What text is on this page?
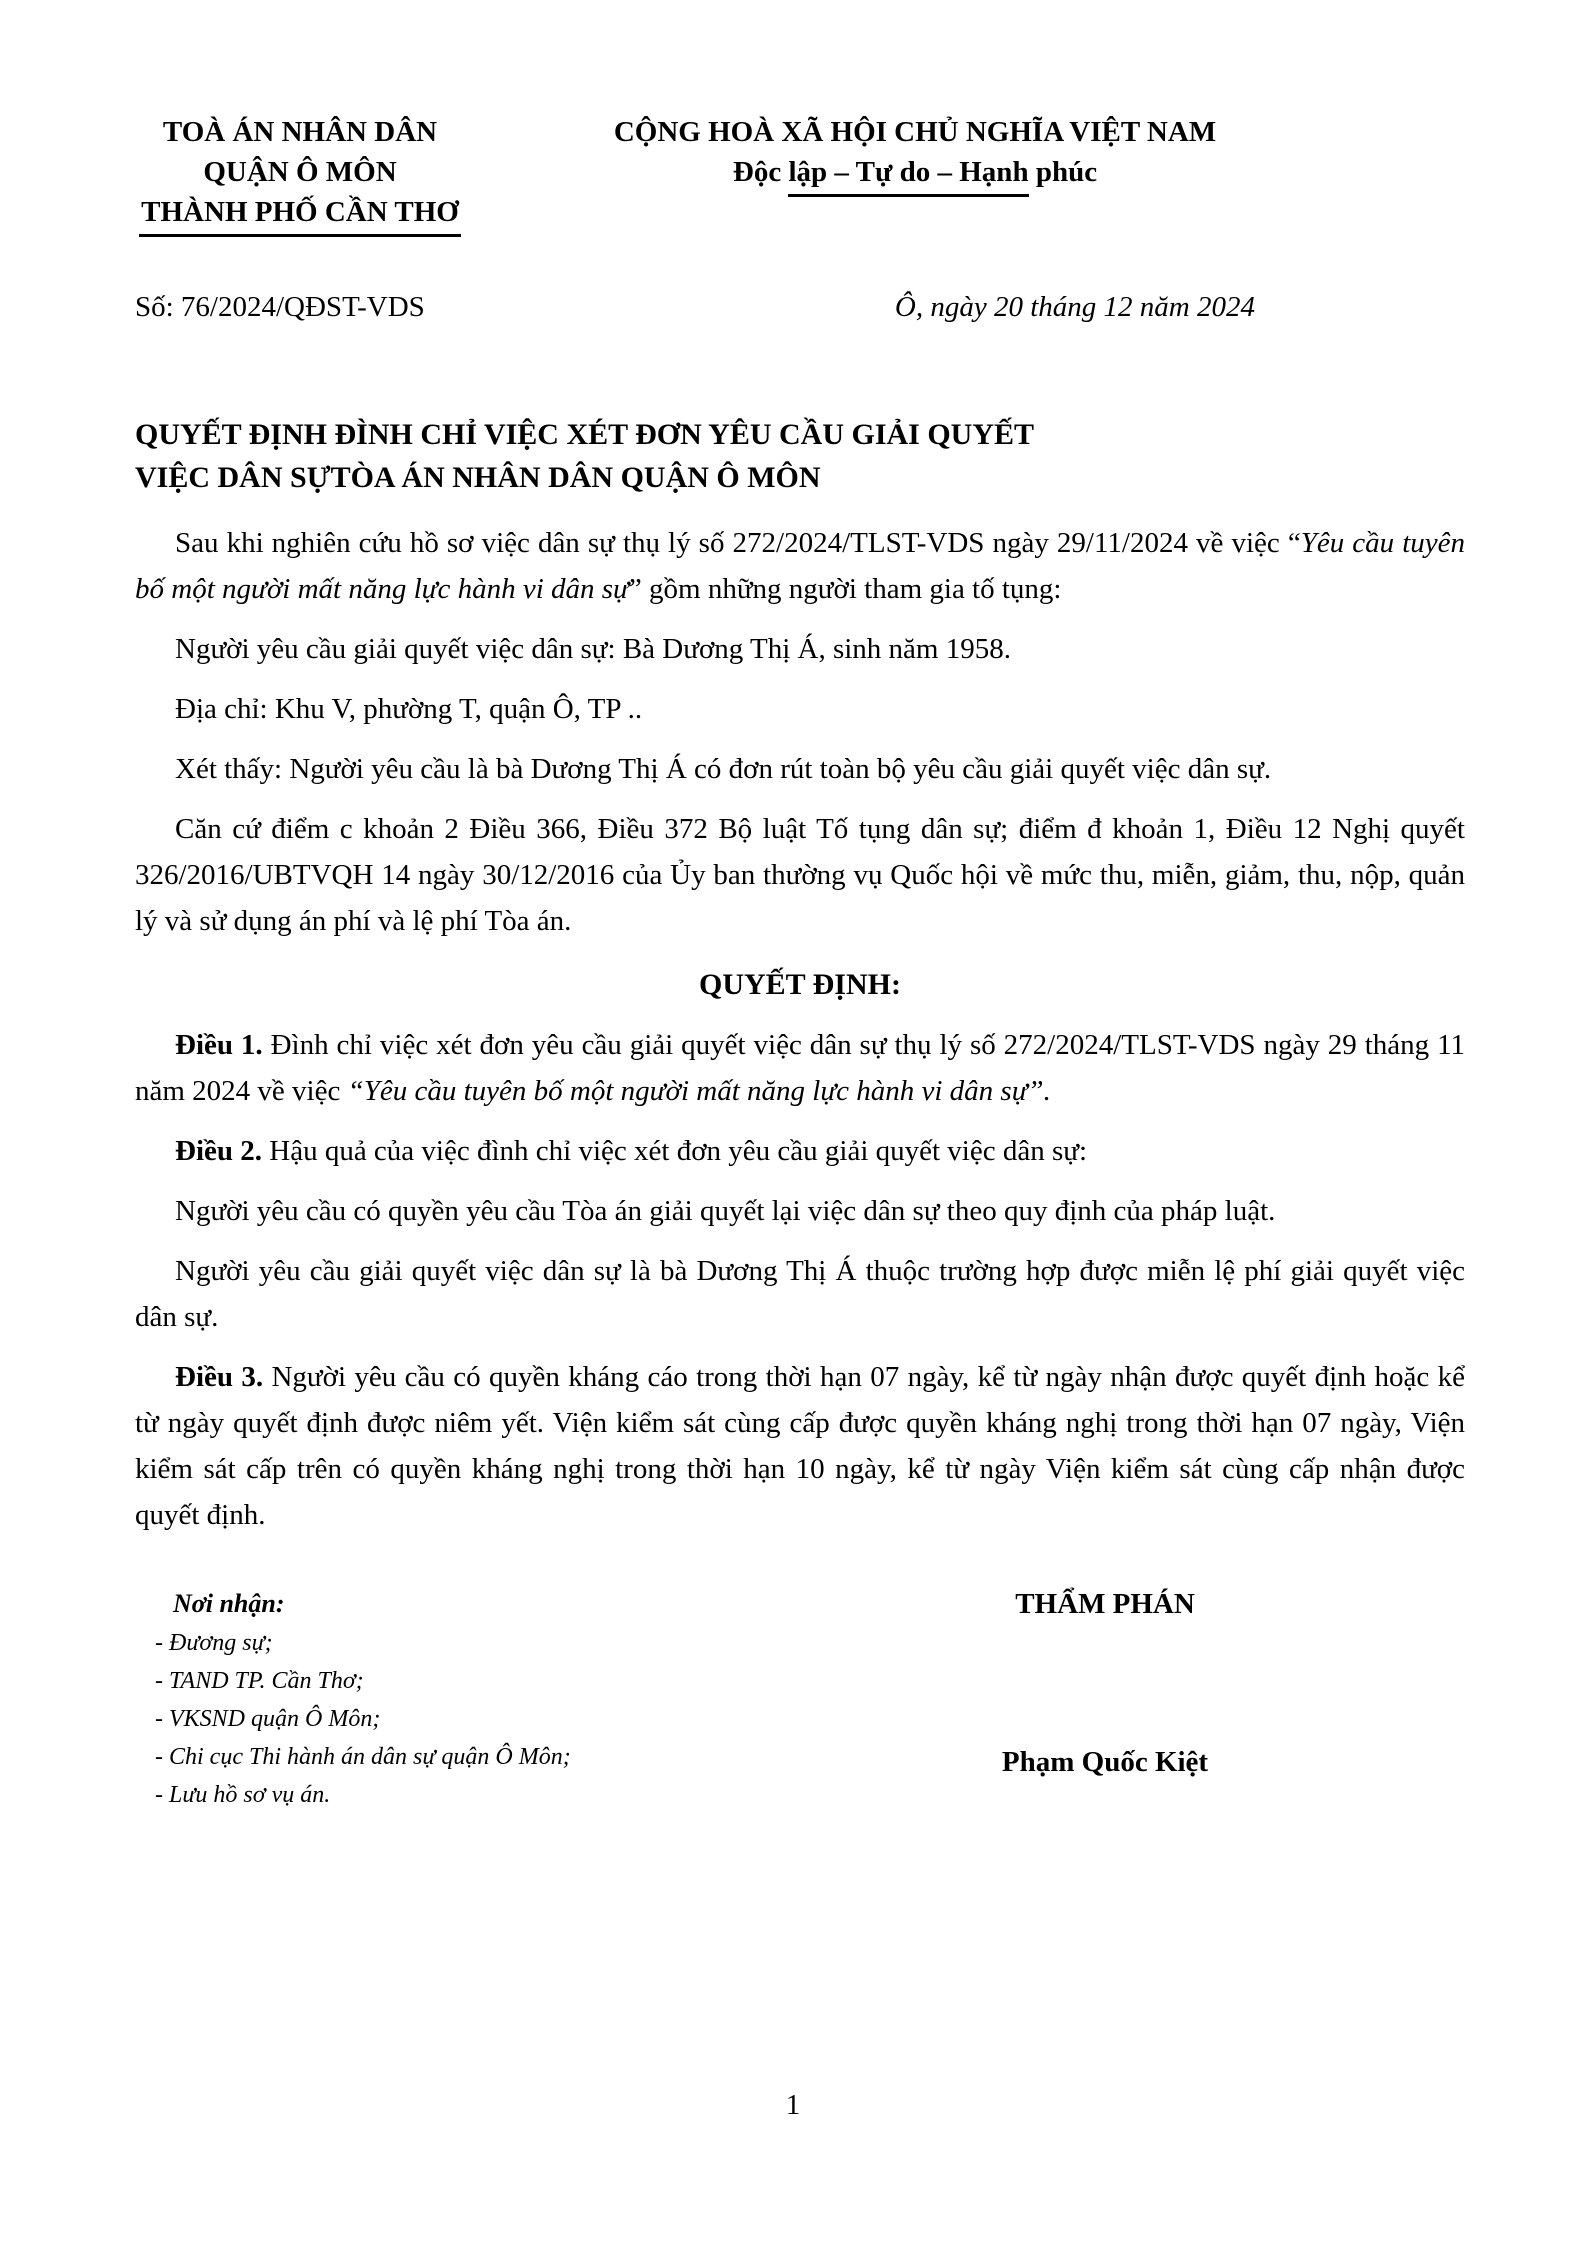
TOÀ ÁN NHÂN DÂN
QUẬN Ô MÔN
THÀNH PHỐ CẦN THƠ
CỘNG HOÀ XÃ HỘI CHỦ NGHĨA VIỆT NAM
Độc lập – Tự do – Hạnh phúc
Số: 76/2024/QĐST-VDS	Ô, ngày 20 tháng 12 năm 2024
QUYẾT ĐỊNH ĐÌNH CHỈ VIỆC XÉT ĐƠN YÊU CẦU GIẢI QUYẾT
VIỆC DÂN SỰTÒA ÁN NHÂN DÂN QUẬN Ô MÔN

Sau khi nghiên cứu hồ sơ việc dân sự thụ lý số 272/2024/TLST-VDS ngày 29/11/2024 về việc “Yêu cầu tuyên bố một người mất năng lực hành vi dân sự” gồm những người tham gia tố tụng:

Người yêu cầu giải quyết việc dân sự: Bà Dương Thị Á, sinh năm 1958.

Địa chỉ: Khu V, phường T, quận Ô, TP ..

Xét thấy: Người yêu cầu là bà Dương Thị Á có đơn rút toàn bộ yêu cầu giải quyết việc dân sự.

Căn cứ điểm c khoản 2 Điều 366, Điều 372 Bộ luật Tố tụng dân sự; điểm đ khoản 1, Điều 12 Nghị quyết 326/2016/UBTVQH 14 ngày 30/12/2016 của Ủy ban thường vụ Quốc hội về mức thu, miễn, giảm, thu, nộp, quản lý và sử dụng án phí và lệ phí Tòa án.

QUYẾT ĐỊNH:

Điều 1. Đình chỉ việc xét đơn yêu cầu giải quyết việc dân sự thụ lý số 272/2024/TLST-VDS ngày 29 tháng 11 năm 2024 về việc “Yêu cầu tuyên bố một người mất năng lực hành vi dân sự”.

Điều 2. Hậu quả của việc đình chỉ việc xét đơn yêu cầu giải quyết việc dân sự:

Người yêu cầu có quyền yêu cầu Tòa án giải quyết lại việc dân sự theo quy định của pháp luật.

Người yêu cầu giải quyết việc dân sự là bà Dương Thị Á thuộc trường hợp được miễn lệ phí giải quyết việc dân sự.

Điều 3. Người yêu cầu có quyền kháng cáo trong thời hạn 07 ngày, kể từ ngày nhận được quyết định hoặc kể từ ngày quyết định được niêm yết. Viện kiểm sát cùng cấp được quyền kháng nghị trong thời hạn 07 ngày, Viện kiểm sát cấp trên có quyền kháng nghị trong thời hạn 10 ngày, kể từ ngày Viện kiểm sát cùng cấp nhận được quyết định.

Nơi nhận:
- Đương sự;
- TAND TP. Cần Thơ;
- VKSND quận Ô Môn;
- Chi cục Thi hành án dân sự quận Ô Môn;
- Lưu hồ sơ vụ án.
THẨM PHÁN
Phạm Quốc Kiệt
1
